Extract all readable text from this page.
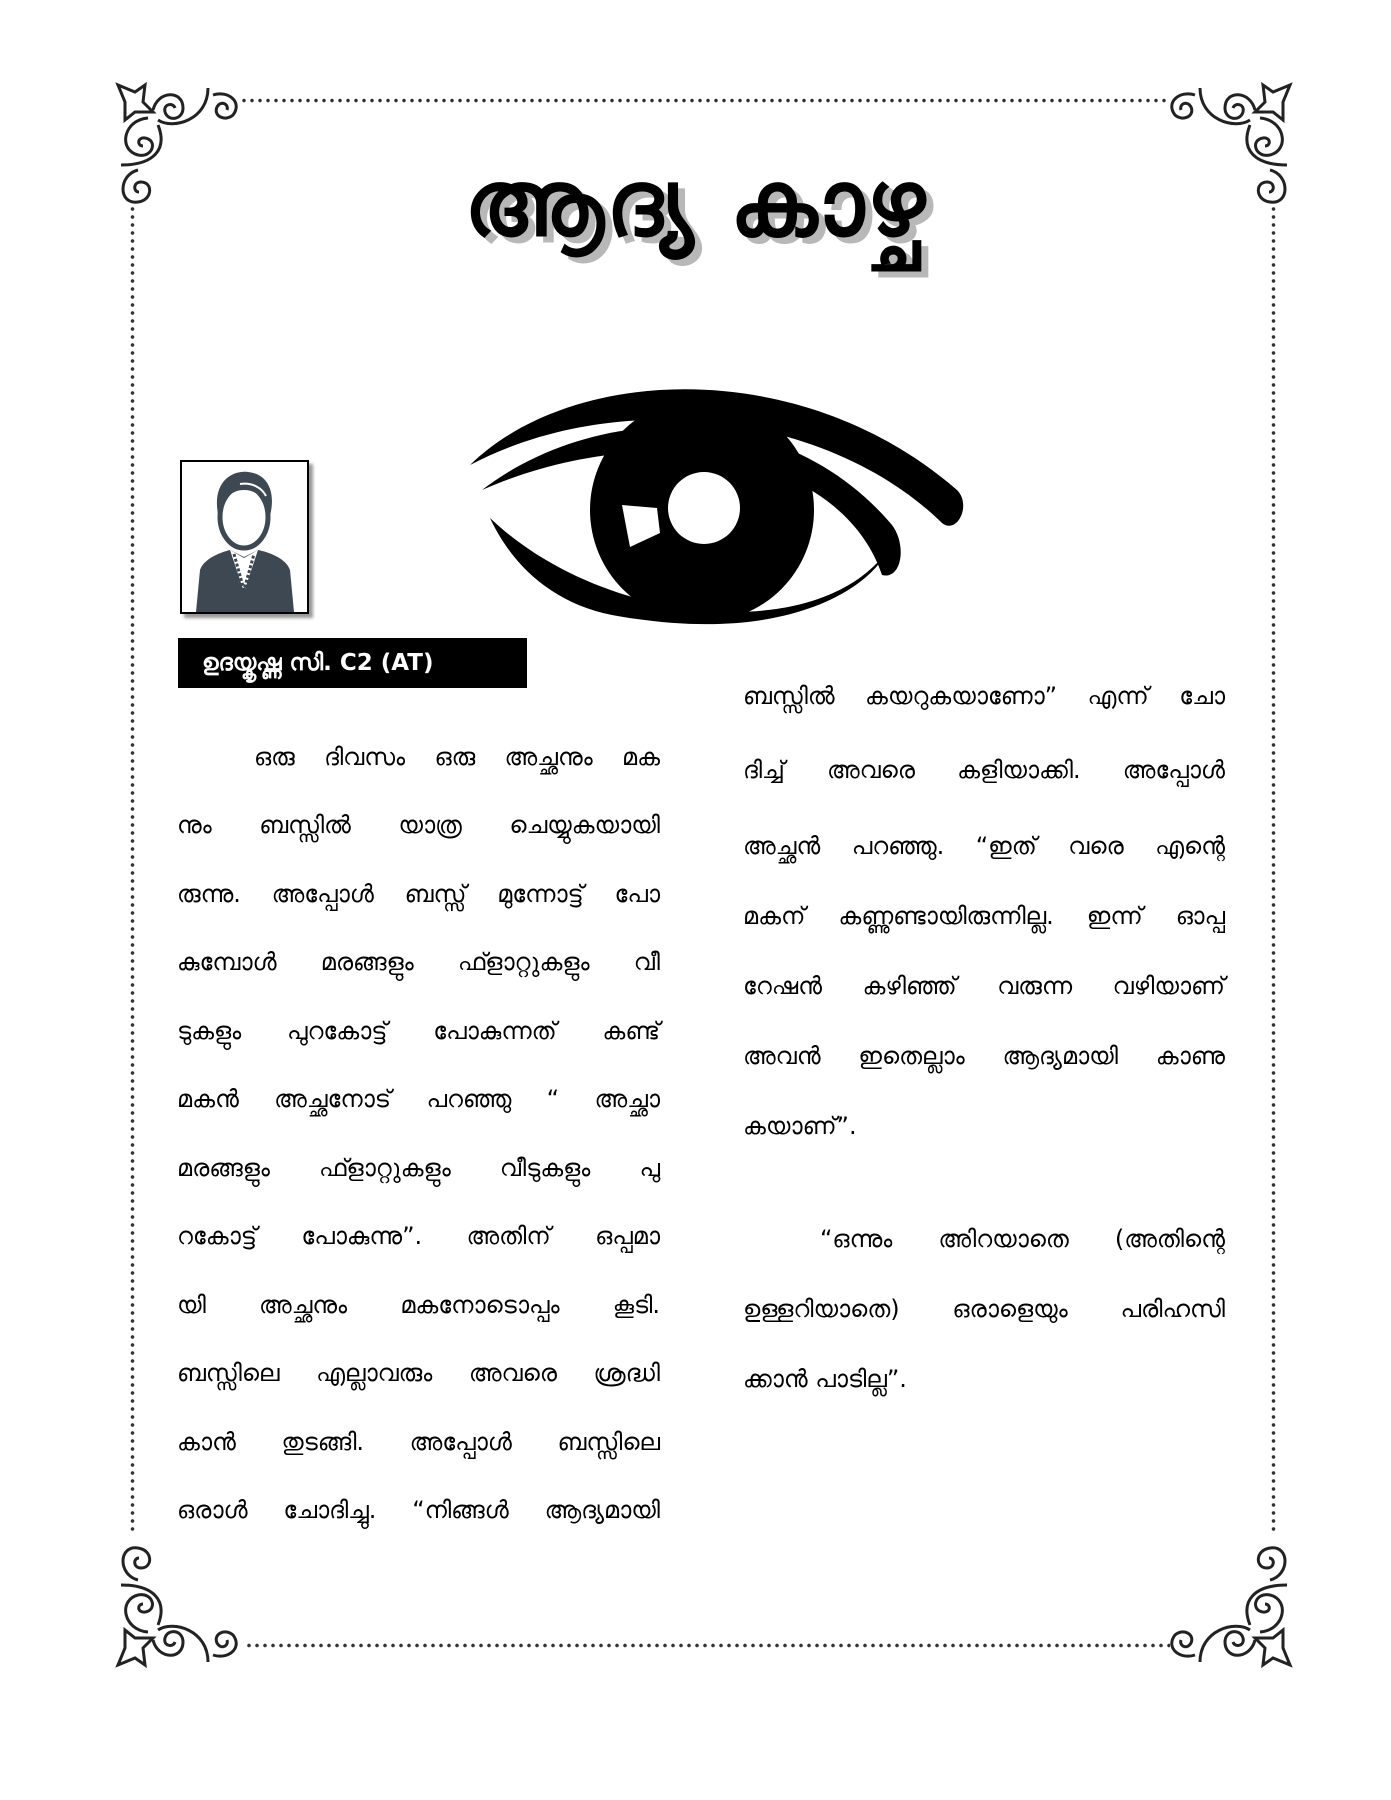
ആദ്യ കാഴ്ച
ഉദയ്കൃഷ്ണ സി. C2 (AT)
ഒരു ദിവസം ഒരു അച്ഛനും മക
നും ബസ്സിൽ യാത്ര ചെയ്യുകയായി
രുന്നു. അപ്പോൾ ബസ്സ് മുന്നോട്ട് പോ
കുമ്പോൾ മരങ്ങളും ഫ്ളാറ്റുകളും വീ
ടുകളും പുറകോട്ട് പോകുന്നത് കണ്ട്
മകൻ അച്ഛനോട് പറഞ്ഞു “ അച്ഛാ
മരങ്ങളും ഫ്ളാറ്റുകളും വീടുകളും പു
റകോട്ട് പോകുന്നു”. അതിന് ഒപ്പമാ
യി അച്ഛനും മകനോടൊപ്പം കൂടി.
ബസ്സിലെ എല്ലാവരും അവരെ ശ്രദ്ധി
കാൻ തുടങ്ങി. അപ്പോൾ ബസ്സിലെ
ഒരാൾ ചോദിച്ചു. “നിങ്ങൾ ആദ്യമായി
ബസ്സിൽ കയറുകയാണോ” എന്ന് ചോ
ദിച്ച് അവരെ കളിയാക്കി. അപ്പോൾ
അച്ഛൻ പറഞ്ഞു. “ഇത് വരെ എന്റെ
മകന് കണ്ണുണ്ടായിരുന്നില്ല. ഇന്ന് ഓപ്പ
റേഷൻ കഴിഞ്ഞ് വരുന്ന വഴിയാണ്
അവൻ ഇതെല്ലാം ആദ്യമായി കാണു
കയാണ്”.
“ഒന്നും അിറയാതെ (അതിന്റെ
ഉള്ളറിയാതെ) ഒരാളെയും പരിഹസി
ക്കാൻ പാടില്ല”.
